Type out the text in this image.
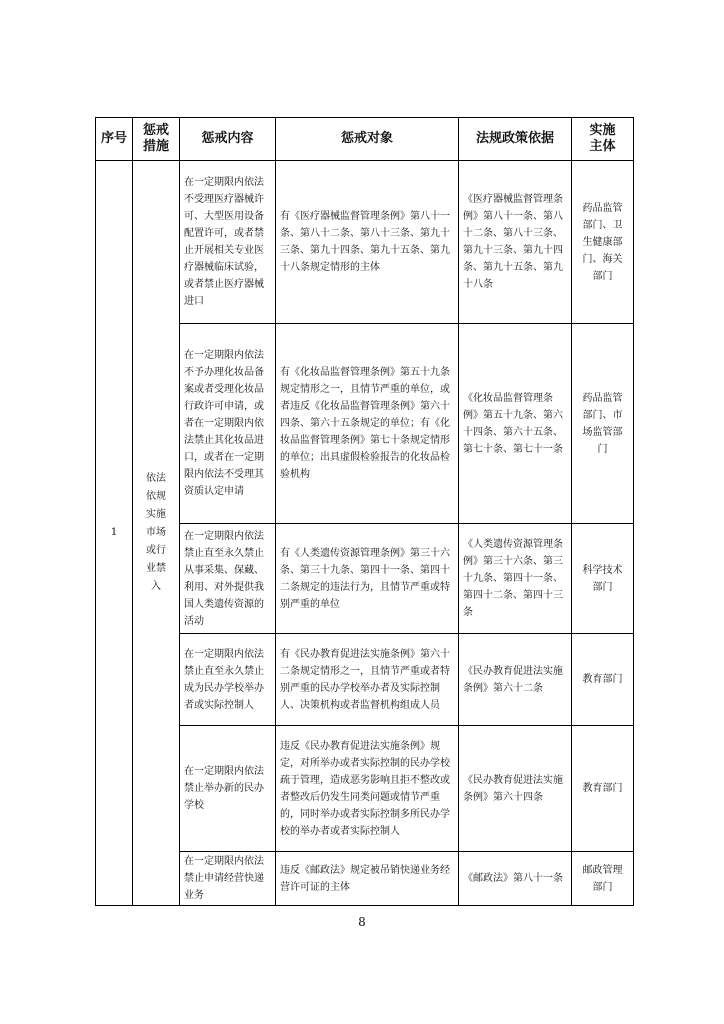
序号	惩戒措施	惩戒内容	惩戒对象	法规政策依据	实施主体
1	依法依规实施市场或行业禁入	在一定期限内依法不受理医疗器械许可、大型医用设备配置许可，或者禁止开展相关专业医疗器械临床试验，或者禁止医疗器械进口	有《医疗器械监督管理条例》第八十一条、第八十二条、第八十三条、第九十三条、第九十四条、第九十五条、第九十八条规定情形的主体	《医疗器械监督管理条例》第八十一条、第八十二条、第八十三条、第九十三条、第九十四条、第九十五条、第九十八条	药品监管部门、卫生健康部门、海关部门
		在一定期限内依法不予办理化妆品备案或者受理化妆品行政许可申请，或者在一定期限内依法禁止其化妆品进口，或者在一定期限内依法不受理其资质认定申请	有《化妆品监督管理条例》第五十九条规定情形之一，且情节严重的单位，或者违反《化妆品监督管理条例》第六十四条、第六十五条规定的单位；有《化妆品监督管理条例》第七十条规定情形的单位；出具虚假检验报告的化妆品检验机构	《化妆品监督管理条例》第五十九条、第六十四条、第六十五条、第七十条、第七十一条	药品监管部门、市场监管部门
		在一定期限内依法禁止直至永久禁止从事采集、保藏、利用、对外提供我国人类遗传资源的活动	有《人类遗传资源管理条例》第三十六条、第三十九条、第四十一条、第四十二条规定的违法行为，且情节严重或特别严重的单位	《人类遗传资源管理条例》第三十六条、第三十九条、第四十一条、第四十二条、第四十三条	科学技术部门
		在一定期限内依法禁止直至永久禁止成为民办学校举办者或实际控制人	有《民办教育促进法实施条例》第六十二条规定情形之一，且情节严重或者特别严重的民办学校举办者及实际控制人、决策机构或者监督机构组成人员	《民办教育促进法实施条例》第六十二条	教育部门
		在一定期限内依法禁止举办新的民办学校	违反《民办教育促进法实施条例》规定，对所举办或者实际控制的民办学校疏于管理，造成恶劣影响且拒不整改或者整改后仍发生同类问题或情节严重的，同时举办或者实际控制多所民办学校的举办者或者实际控制人	《民办教育促进法实施条例》第六十四条	教育部门
		在一定期限内依法禁止申请经营快递业务	违反《邮政法》规定被吊销快递业务经营许可证的主体	《邮政法》第八十一条	邮政管理部门
8
